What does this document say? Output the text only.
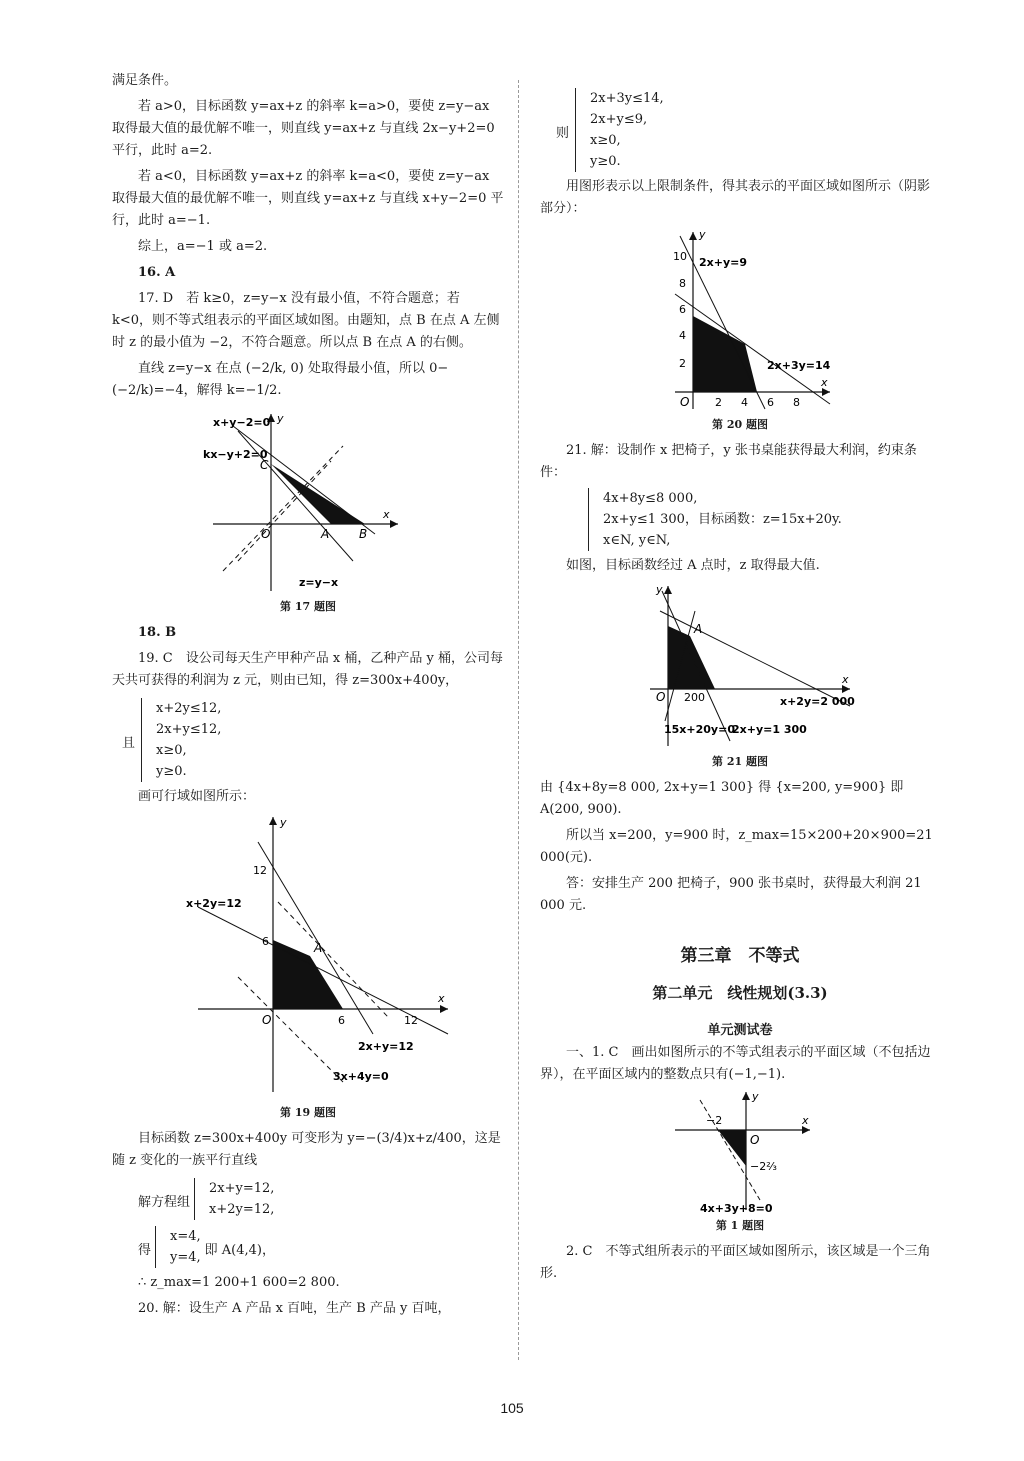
满足条件。

若 a>0，目标函数 y=ax+z 的斜率 k=a>0，要使 z=y−ax 取得最大值的最优解不唯一，则直线 y=ax+z 与直线 2x−y+2=0 平行，此时 a=2.

若 a<0，目标函数 y=ax+z 的斜率 k=a<0，要使 z=y−ax 取得最大值的最优解不唯一，则直线 y=ax+z 与直线 x+y−2=0 平行，此时 a=−1.

综上，a=−1 或 a=2.

16. A

17. D　若 k≥0，z=y−x 没有最小值，不符合题意；若 k<0，则不等式组表示的平面区域如图。由题知，点 B 在点 A 左侧时 z 的最小值为 −2，不符合题意。所以点 B 在点 A 的右侧。

直线 z=y−x 在点 (−2/k, 0) 处取得最小值，所以 0−(−2/k)=−4，解得 k=−1/2.

x+y−2=0
kx−y+2=0
z=y−x
C
O	A B
x
y
第 17 题图

18. B

19. C　设公司每天生产甲种产品 x 桶，乙种产品 y 桶，公司每天共可获得的利润为 z 元，则由已知，得 z=300x+400y，

且
x+2y≤12,
2x+y≤12,
x≥0,
y≥0.

画可行域如图所示：

x+2y=12
2x+y=12
3x+4y=0
12
6
6	12
A
O
x
y
第 19 题图

目标函数 z=300x+400y 可变形为 y=−(3/4)x+z/400，这是随 z 变化的一族平行直线

解方程组
2x+y=12,
x+2y=12,
得
x=4,
y=4, 即 A(4,4)，

∴ z_max=1 200+1 600=2 800.

20. 解：设生产 A 产品 x 百吨，生产 B 产品 y 百吨，

则
2x+3y≤14,
2x+y≤9,
x≥0,
y≥0.

用图形表示以上限制条件，得其表示的平面区域如图所示（阴影部分）：

2x+y=9
2x+3y=14
10
8
6
4
2
2 4 6 8
O
x
y
第 20 题图

21. 解：设制作 x 把椅子，y 张书桌能获得最大利润，约束条件：

4x+8y≤8 000,
2x+y≤1 300，目标函数：z=15x+20y.
x∈N, y∈N,

如图，目标函数经过 A 点时，z 取得最大值.

x+2y=2 000
15x+20y=0
2x+y=1 300
200
A
O
x
y
第 21 题图

由 {4x+8y=8 000, 2x+y=1 300} 得 {x=200, y=900} 即 A(200, 900).

所以当 x=200，y=900 时，z_max=15×200+20×900=21 000(元).

答：安排生产 200 把椅子，900 张书桌时，获得最大利润 21 000 元.

第三章　不等式
第二单元　线性规划(3.3)
单元测试卷

一、1. C　画出如图所示的不等式组表示的平面区域（不包括边界），在平面区域内的整数点只有(−1,−1).

−2
−2⅔
O
x
y
4x+3y+8=0
第 1 题图

2. C　不等式组所表示的平面区域如图所示，该区域是一个三角形.

105
